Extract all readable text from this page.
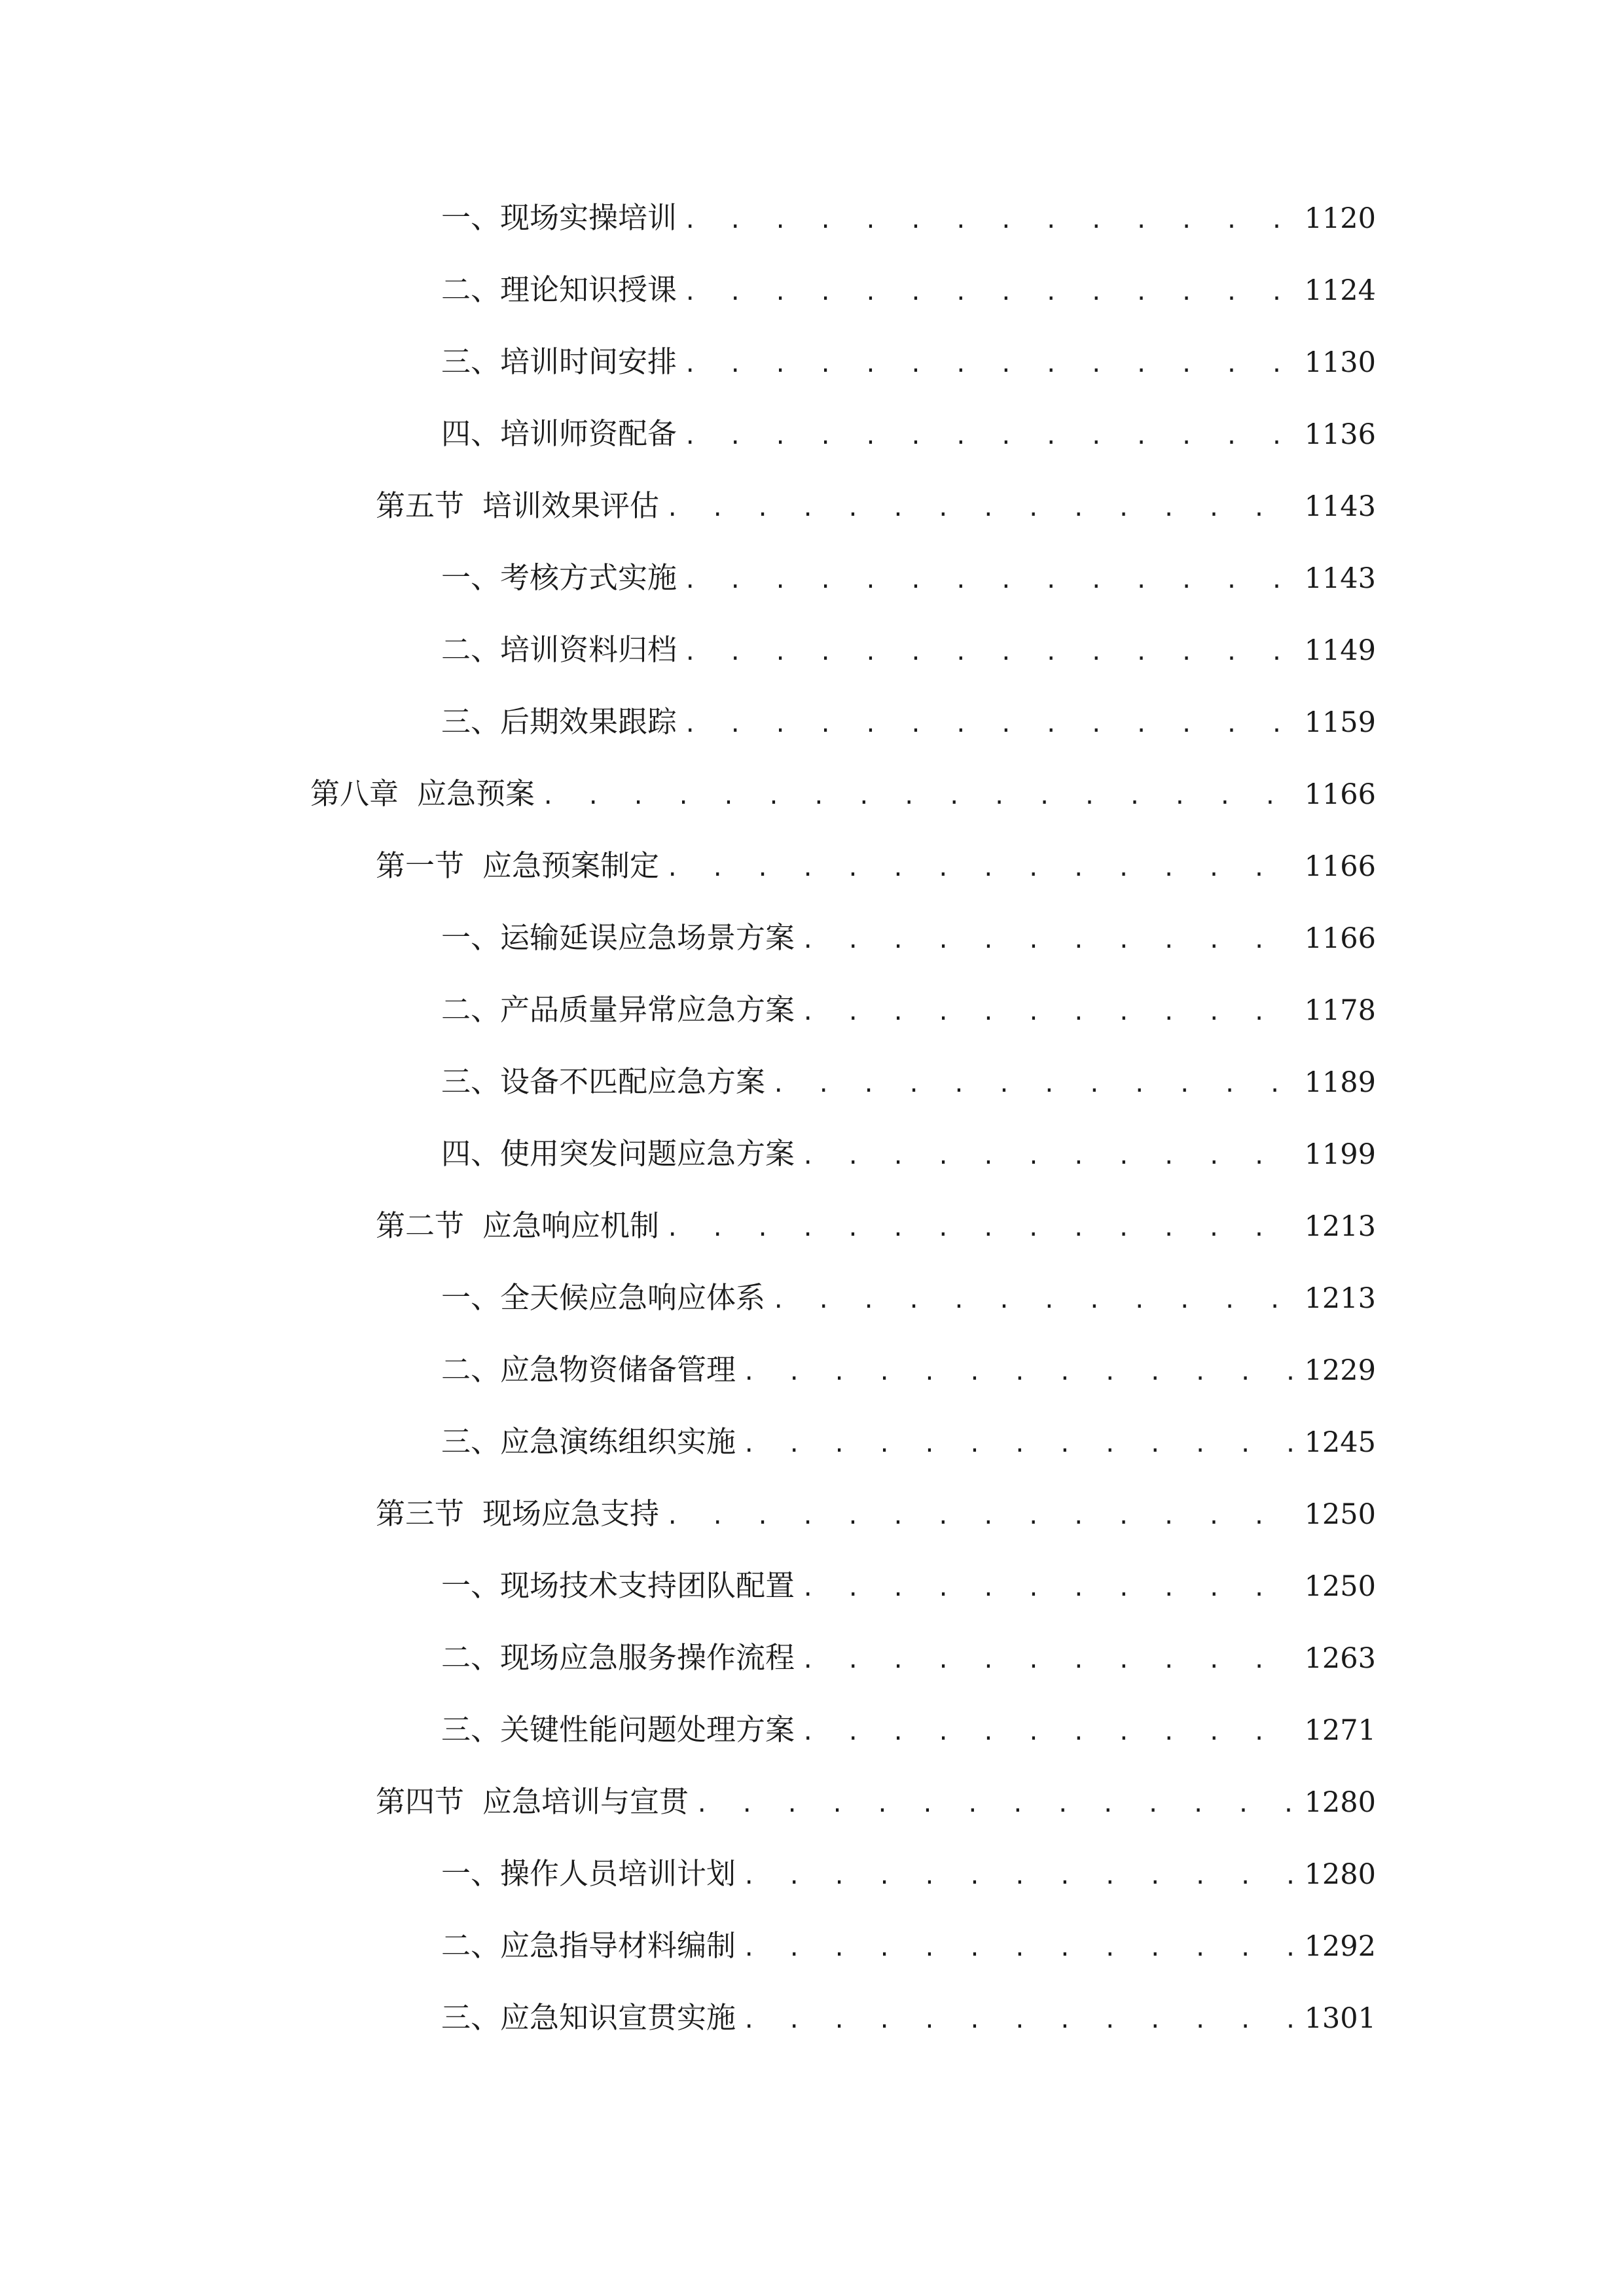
一、 现场实操培训 . . .	1120
二、 理论知识授课 . . .	1124
三、 培训时间安排 . . .	1130
四、 培训师资配备 . . .	1136
第五节 培训效果评估 . . .	1143
一、 考核方式实施 . . .	1143
二、 培训资料归档 . . .	1149
三、 后期效果跟踪 . . .	1159
第八章 应急预案 . . .	1166
第一节 应急预案制定 . . .	1166
一、 运输延误应急场景方案 . . .	1166
二、 产品质量异常应急方案 . . .	1178
三、 设备不匹配应急方案 . . .	1189
四、 使用突发问题应急方案 . . .	1199
第二节 应急响应机制 . . .	1213
一、 全天候应急响应体系 . . .	1213
二、 应急物资储备管理 . . .	1229
三、 应急演练组织实施 . . .	1245
第三节 现场应急支持 . . .	1250
一、 现场技术支持团队配置 . . .	1250
二、 现场应急服务操作流程 . . .	1263
三、 关键性能问题处理方案 . . .	1271
第四节 应急培训与宣贯 . . .	1280
一、 操作人员培训计划 . . .	1280
二、 应急指导材料编制 . . .	1292
三、 应急知识宣贯实施 . . .	1301
